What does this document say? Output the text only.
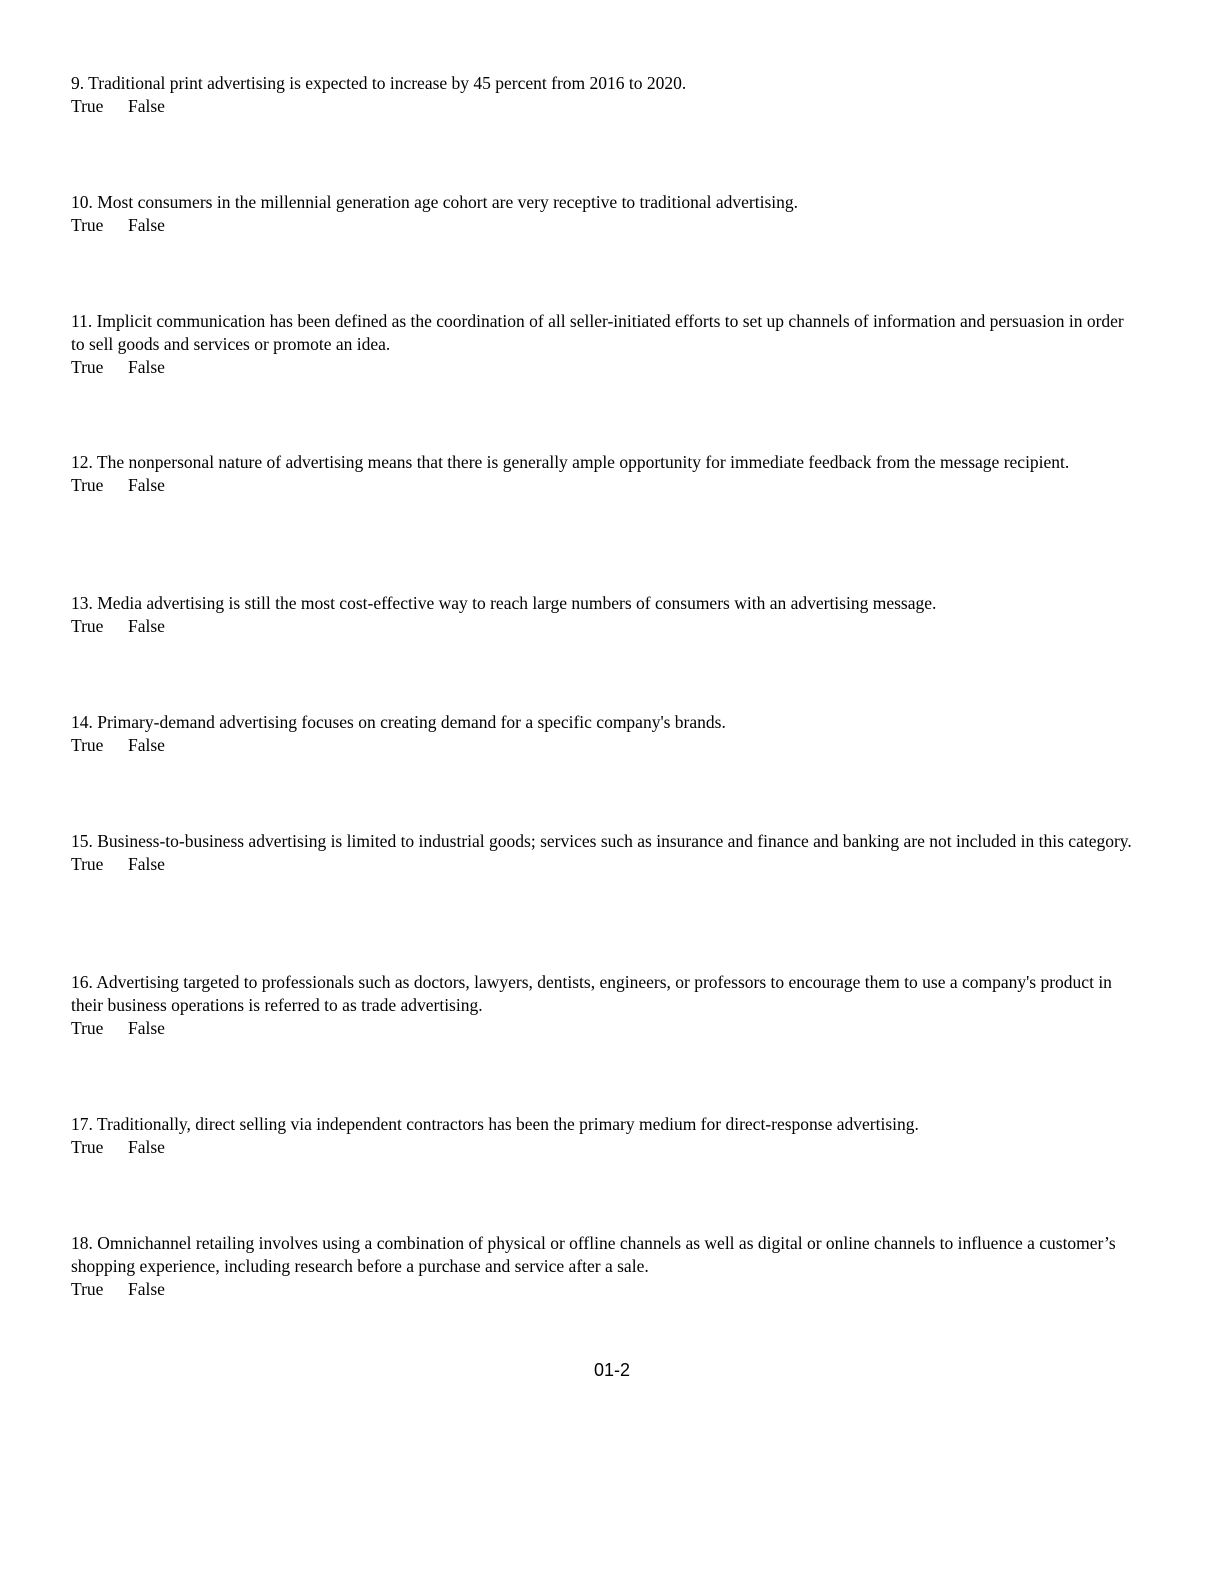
9. Traditional print advertising is expected to increase by 45 percent from 2016 to 2020.
True False
10. Most consumers in the millennial generation age cohort are very receptive to traditional advertising.
True False
11. Implicit communication has been defined as the coordination of all seller-initiated efforts to set up channels of information and persuasion in order to sell goods and services or promote an idea.
True False
12. The nonpersonal nature of advertising means that there is generally ample opportunity for immediate feedback from the message recipient.
True False
13. Media advertising is still the most cost-effective way to reach large numbers of consumers with an advertising message.
True False
14. Primary-demand advertising focuses on creating demand for a specific company's brands.
True False
15. Business-to-business advertising is limited to industrial goods; services such as insurance and finance and banking are not included in this category.
True False
16. Advertising targeted to professionals such as doctors, lawyers, dentists, engineers, or professors to encourage them to use a company's product in their business operations is referred to as trade advertising.
True False
17. Traditionally, direct selling via independent contractors has been the primary medium for direct-response advertising.
True False
18. Omnichannel retailing involves using a combination of physical or offline channels as well as digital or online channels to influence a customer’s shopping experience, including research before a purchase and service after a sale.
True False
01-2
